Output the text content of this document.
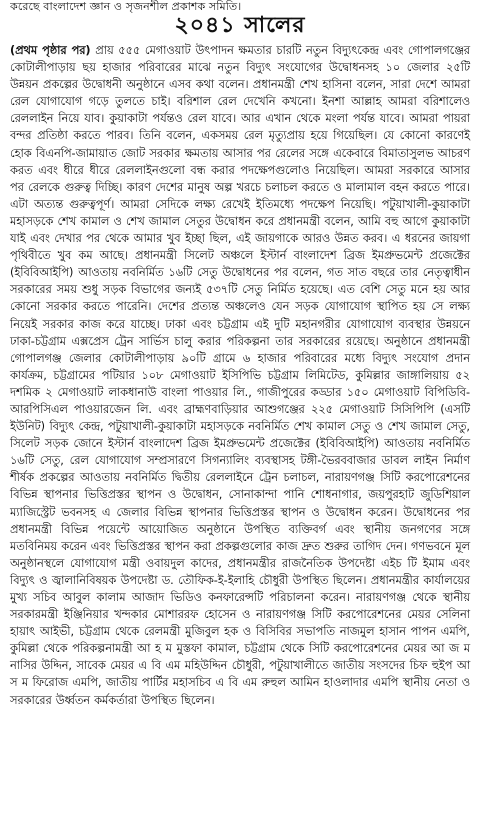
করেছে বাংলাদেশ জ্ঞান ও সৃজনশীল প্রকাশক সমিতি।
২০৪১ সালের

(প্রথম পৃষ্ঠার পর) প্রায় ৫৫৫ মেগাওয়াট উৎপাদন ক্ষমতার চারটি নতুন বিদ্যুৎকেন্দ্র এবং গোপালগঞ্জের কোটালীপাড়ায় ছয় হাজার পরিবারের মাঝে নতুন বিদ্যুৎ সংযোগের উদ্বোধনসহ ১০ জেলার ২৫টি উন্নয়ন প্রকল্পের উদ্বোধনী অনুষ্ঠানে এসব কথা বলেন। প্রধানমন্ত্রী শেখ হাসিনা বলেন, সারা দেশে আমরা রেল যোগাযোগ গড়ে তুলতে চাই। বরিশাল রেল দেখেনি কখনো। ইনশা আল্লাহ আমরা বরিশালেও রেললাইন নিয়ে যাব। কুয়াকাটা পর্যন্তও রেল যাবে। আর এখান থেকে মংলা পর্যন্ত যাবে। আমরা পায়রা বন্দর প্রতিষ্ঠা করতে পারব। তিনি বলেন, একসময় রেল মৃত্যুপ্রায় হয়ে গিয়েছিল। যে কোনো কারণেই হোক বিএনপি-জামায়াত জোট সরকার ক্ষমতায় আসার পর রেলের সঙ্গে একেবারে বিমাতাসুলভ আচরণ করত এবং ধীরে ধীরে রেললাইনগুলো বন্ধ করার পদক্ষেপগুলোও নিয়েছিল। আমরা সরকারে আসার পর রেলকে গুরুত্ব দিচ্ছি। কারণ দেশের মানুষ অল্প খরচে চলাচল করতে ও মালামাল বহন করতে পারে। এটা অত্যন্ত গুরুত্বপূর্ণ। আমরা সেদিকে লক্ষ্য রেখেই ইতিমধ্যে পদক্ষেপ নিয়েছি। পটুয়াখালী-কুয়াকাটা মহাসড়কে শেখ কামাল ও শেখ জামাল সেতুর উদ্বোধন করে প্রধানমন্ত্রী বলেন, আমি বহু আগে কুয়াকাটা যাই এবং দেখার পর থেকে আমার খুব ইচ্ছা ছিল, এই জায়গাকে আরও উন্নত করব। এ ধরনের জায়গা পৃথিবীতে খুব কম আছে। প্রধানমন্ত্রী সিলেট অঞ্চলে ইস্টার্ন বাংলাদেশ ব্রিজ ইমপ্রুভমেন্ট প্রজেক্টের (ইবিবিআইপি) আওতায় নবনির্মিত ১৬টি সেতু উদ্বোধনের পর বলেন, গত সাত বছরে তার নেতৃত্বাধীন সরকারের সময় শুধু সড়ক বিভাগের জন্যই ৫৩৭টি সেতু নির্মিত হয়েছে। এত বেশি সেতু মনে হয় আর কোনো সরকার করতে পারেনি। দেশের প্রত্যন্ত অঞ্চলেও যেন সড়ক যোগাযোগ স্থাপিত হয় সে লক্ষ্য নিয়েই সরকার কাজ করে যাচ্ছে। ঢাকা এবং চট্টগ্রাম এই দুটি মহানগরীর যোগাযোগ ব্যবস্থার উন্নয়নে ঢাকা-চট্টগ্রাম এক্সপ্রেস ট্রেন সার্ভিস চালু করার পরিকল্পনা তার সরকারের রয়েছে। অনুষ্ঠানে প্রধানমন্ত্রী গোপালগঞ্জ জেলার কোটালীপাড়ায় ৯০টি গ্রামে ৬ হাজার পরিবারের মধ্যে বিদ্যুৎ সংযোগ প্রদান কার্যক্রম, চট্টগ্রামের পটিয়ার ১০৮ মেগাওয়াট ইসিপিভি চট্টগ্রাম লিমিটেড, কুমিল্লার জাঙ্গালিয়ায় ৫২ দশমিক ২ মেগাওয়াট লাকধানাউ বাংলা পাওয়ার লি., গাজীপুরের কড্ডার ১৫০ মেগাওয়াট বিপিডিবি-আরপিসিএল পাওয়ারজেন লি. এবং ব্রাহ্মণবাড়িয়ার আশুগঞ্জের ২২৫ মেগাওয়াট সিসিপিপি (এসটি ইউনিট) বিদ্যুৎ কেন্দ্র, পটুয়াখালী-কুয়াকাটা মহাসড়কে নবনির্মিত শেখ কামাল সেতু ও শেখ জামাল সেতু, সিলেট সড়ক জোনে ইস্টার্ন বাংলাদেশ ব্রিজ ইমপ্রুভমেন্ট প্রজেক্টের (ইবিবিআইপি) আওতায় নবনির্মিত ১৬টি সেতু, রেল যোগাযোগ সম্প্রসারণে সিগন্যালিং ব্যবস্থাসহ টঙ্গী-ভৈরববাজার ডাবল লাইন নির্মাণ শীর্ষক প্রকল্পের আওতায় নবনির্মিত দ্বিতীয় রেললাইনে ট্রেন চলাচল, নারায়ণগঞ্জ সিটি করপোরেশনের বিভিন্ন স্থাপনার ভিত্তিপ্রস্তর স্থাপন ও উদ্বোধন, সোনাকান্দা পানি শোধনাগার, জয়পুরহাট জুডিশিয়াল ম্যাজিস্ট্রেট ভবনসহ এ জেলার বিভিন্ন স্থাপনার ভিত্তিপ্রস্তর স্থাপন ও উদ্বোধন করেন। উদ্বোধনের পর প্রধানমন্ত্রী বিভিন্ন পয়েন্টে আয়োজিত অনুষ্ঠানে উপস্থিত ব্যক্তিবর্গ এবং স্থানীয় জনগণের সঙ্গে মতবিনিময় করেন এবং ভিত্তিপ্রস্তর স্থাপন করা প্রকল্পগুলোর কাজ দ্রুত শুরুর তাগিদ দেন। গণভবনে মূল অনুষ্ঠানস্থলে যোগাযোগ মন্ত্রী ওবায়দুল কাদের, প্রধানমন্ত্রীর রাজনৈতিক উপদেষ্টা এইচ টি ইমাম এবং বিদ্যুৎ ও জ্বালানিবিষয়ক উপদেষ্টা ড. তৌফিক-ই-ইলাহি চৌধুরী উপস্থিত ছিলেন। প্রধানমন্ত্রীর কার্যালয়ের মুখ্য সচিব আবুল কালাম আজাদ ভিডিও কনফারেন্সটি পরিচালনা করেন। নারায়ণগঞ্জ থেকে স্থানীয় সরকারমন্ত্রী ইঞ্জিনিয়ার খন্দকার মোশাররফ হোসেন ও নারায়ণগঞ্জ সিটি করপোরেশনের মেয়র সেলিনা হায়াৎ আইভী, চট্টগ্রাম থেকে রেলমন্ত্রী মুজিবুল হক ও বিসিবির সভাপতি নাজমুল হাসান পাপন এমপি, কুমিল্লা থেকে পরিকল্পনামন্ত্রী আ হ ম মুস্তফা কামাল, চট্টগ্রাম থেকে সিটি করপোরেশনের মেয়র আ জ ম নাসির উদ্দিন, সাবেক মেয়র এ বি এম মহিউদ্দিন চৌধুরী, পটুয়াখালীতে জাতীয় সংসদের চিফ হুইপ আ স ম ফিরোজ এমপি, জাতীয় পার্টির মহাসচিব এ বি এম রুহুল আমিন হাওলাদার এমপি স্থানীয় নেতা ও সরকারের উর্ধ্বতন কর্মকর্তারা উপস্থিত ছিলেন।
